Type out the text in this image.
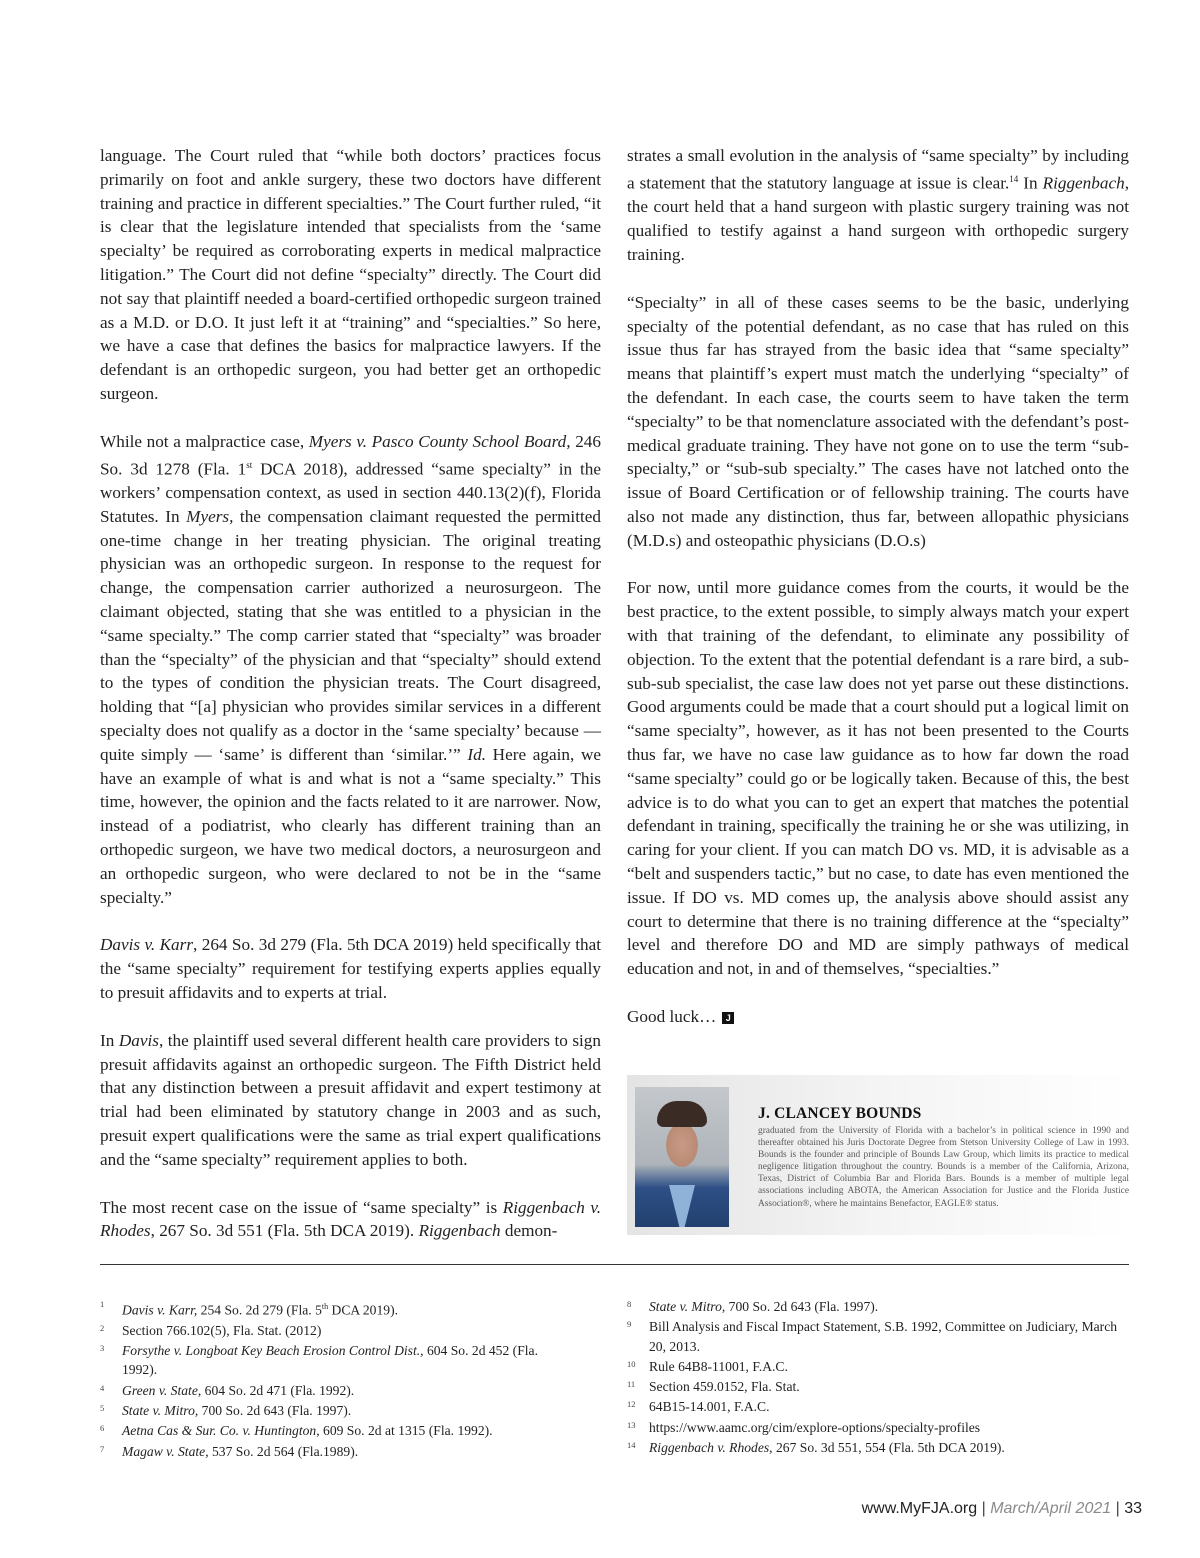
language. The Court ruled that “while both doctors’ practices focus primarily on foot and ankle surgery, these two doctors have different training and practice in different specialties.” The Court further ruled, “it is clear that the legislature intended that specialists from the ‘same specialty’ be required as corroborating experts in medical malpractice litigation.” The Court did not define “specialty” directly. The Court did not say that plaintiff needed a board-certified orthopedic surgeon trained as a M.D. or D.O. It just left it at “training” and “specialties.” So here, we have a case that defines the basics for malpractice lawyers. If the defendant is an orthopedic surgeon, you had better get an orthopedic surgeon.

While not a malpractice case, Myers v. Pasco County School Board, 246 So. 3d 1278 (Fla. 1st DCA 2018), addressed “same specialty” in the workers’ compensation context, as used in section 440.13(2)(f), Florida Statutes. In Myers, the compensation claimant requested the permitted one-time change in her treating physician. The original treating physician was an orthopedic surgeon. In response to the request for change, the compensation carrier authorized a neurosurgeon. The claimant objected, stating that she was entitled to a physician in the “same specialty.” The comp carrier stated that “specialty” was broader than the “specialty” of the physician and that “specialty” should extend to the types of condition the physician treats. The Court disagreed, holding that “[a] physician who provides similar services in a different specialty does not qualify as a doctor in the ‘same specialty’ because — quite simply — ‘same’ is different than ‘similar.’” Id. Here again, we have an example of what is and what is not a “same specialty.” This time, however, the opinion and the facts related to it are narrower. Now, instead of a podiatrist, who clearly has different training than an orthopedic surgeon, we have two medical doctors, a neurosurgeon and an orthopedic surgeon, who were declared to not be in the “same specialty.”

Davis v. Karr, 264 So. 3d 279 (Fla. 5th DCA 2019) held specifically that the “same specialty” requirement for testifying experts applies equally to presuit affidavits and to experts at trial.

In Davis, the plaintiff used several different health care providers to sign presuit affidavits against an orthopedic surgeon. The Fifth District held that any distinction between a presuit affidavit and expert testimony at trial had been eliminated by statutory change in 2003 and as such, presuit expert qualifications were the same as trial expert qualifications and the “same specialty” requirement applies to both.

The most recent case on the issue of “same specialty” is Riggenbach v. Rhodes, 267 So. 3d 551 (Fla. 5th DCA 2019). Riggenbach demon-

strates a small evolution in the analysis of “same specialty” by including a statement that the statutory language at issue is clear.$^{14}$ In Riggenbach, the court held that a hand surgeon with plastic surgery training was not qualified to testify against a hand surgeon with orthopedic surgery training.

“Specialty” in all of these cases seems to be the basic, underlying specialty of the potential defendant, as no case that has ruled on this issue thus far has strayed from the basic idea that “same specialty” means that plaintiff’s expert must match the underlying “specialty” of the defendant. In each case, the courts seem to have taken the term “specialty” to be that nomenclature associated with the defendant’s post-medical graduate training. They have not gone on to use the term “sub-specialty,” or “sub-sub specialty.” The cases have not latched onto the issue of Board Certification or of fellowship training. The courts have also not made any distinction, thus far, between allopathic physicians (M.D.s) and osteopathic physicians (D.O.s)

For now, until more guidance comes from the courts, it would be the best practice, to the extent possible, to simply always match your expert with that training of the defendant, to eliminate any possibility of objection. To the extent that the potential defendant is a rare bird, a sub-sub-sub specialist, the case law does not yet parse out these distinctions. Good arguments could be made that a court should put a logical limit on “same specialty”, however, as it has not been presented to the Courts thus far, we have no case law guidance as to how far down the road “same specialty” could go or be logically taken. Because of this, the best advice is to do what you can to get an expert that matches the potential defendant in training, specifically the training he or she was utilizing, in caring for your client. If you can match DO vs. MD, it is advisable as a “belt and suspenders tactic,” but no case, to date has even mentioned the issue. If DO vs. MD comes up, the analysis above should assist any court to determine that there is no training difference at the “specialty” level and therefore DO and MD are simply pathways of medical education and not, in and of themselves, “specialties.”

Good luck… J

J. CLANCEY BOUNDS

graduated from the University of Florida with a bachelor’s in political science in 1990 and thereafter obtained his Juris Doctorate Degree from Stetson University College of Law in 1993. Bounds is the founder and principle of Bounds Law Group, which limits its practice to medical negligence litigation throughout the country. Bounds is a member of the California, Arizona, Texas, District of Columbia Bar and Florida Bars. Bounds is a member of multiple legal associations including ABOTA, the American Association for Justice and the Florida Justice Association®, where he maintains Benefactor, EAGLE® status.

1 Davis v. Karr, 254 So. 2d 279 (Fla. 5th DCA 2019).
2 Section 766.102(5), Fla. Stat. (2012)
3 Forsythe v. Longboat Key Beach Erosion Control Dist., 604 So. 2d 452 (Fla. 1992).
4 Green v. State, 604 So. 2d 471 (Fla. 1992).
5 State v. Mitro, 700 So. 2d 643 (Fla. 1997).
6 Aetna Cas & Sur. Co. v. Huntington, 609 So. 2d at 1315 (Fla. 1992).
7 Magaw v. State, 537 So. 2d 564 (Fla.1989).
8 State v. Mitro, 700 So. 2d 643 (Fla. 1997).
9 Bill Analysis and Fiscal Impact Statement, S.B. 1992, Committee on Judiciary, March 20, 2013.
10 Rule 64B8-11001, F.A.C.
11 Section 459.0152, Fla. Stat.
12 64B15-14.001, F.A.C.
13 https://www.aamc.org/cim/explore-options/specialty-profiles
14 Riggenbach v. Rhodes, 267 So. 3d 551, 554 (Fla. 5th DCA 2019).
www.MyFJA.org | March/April 2021 | 33
